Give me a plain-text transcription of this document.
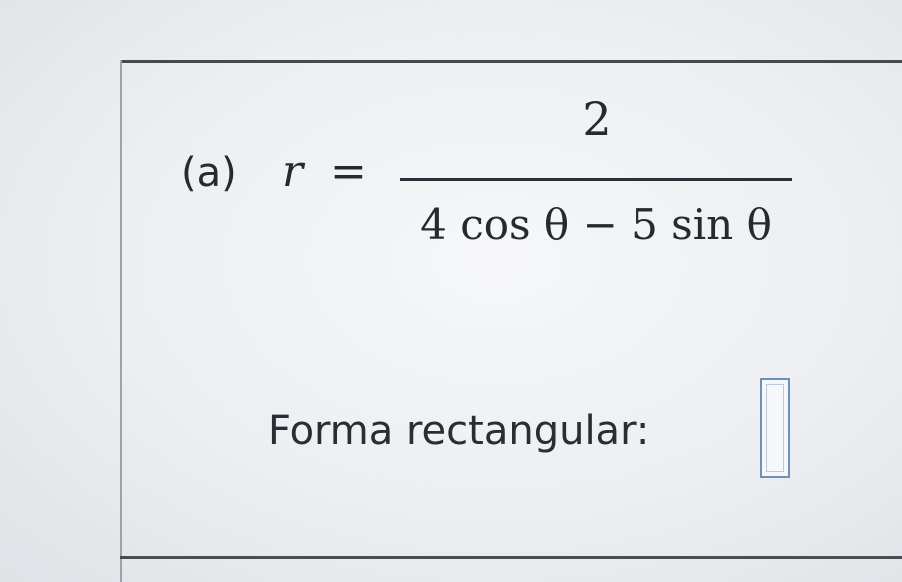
(a) r =
2
4 cos θ − 5 sin θ
Forma rectangular:
